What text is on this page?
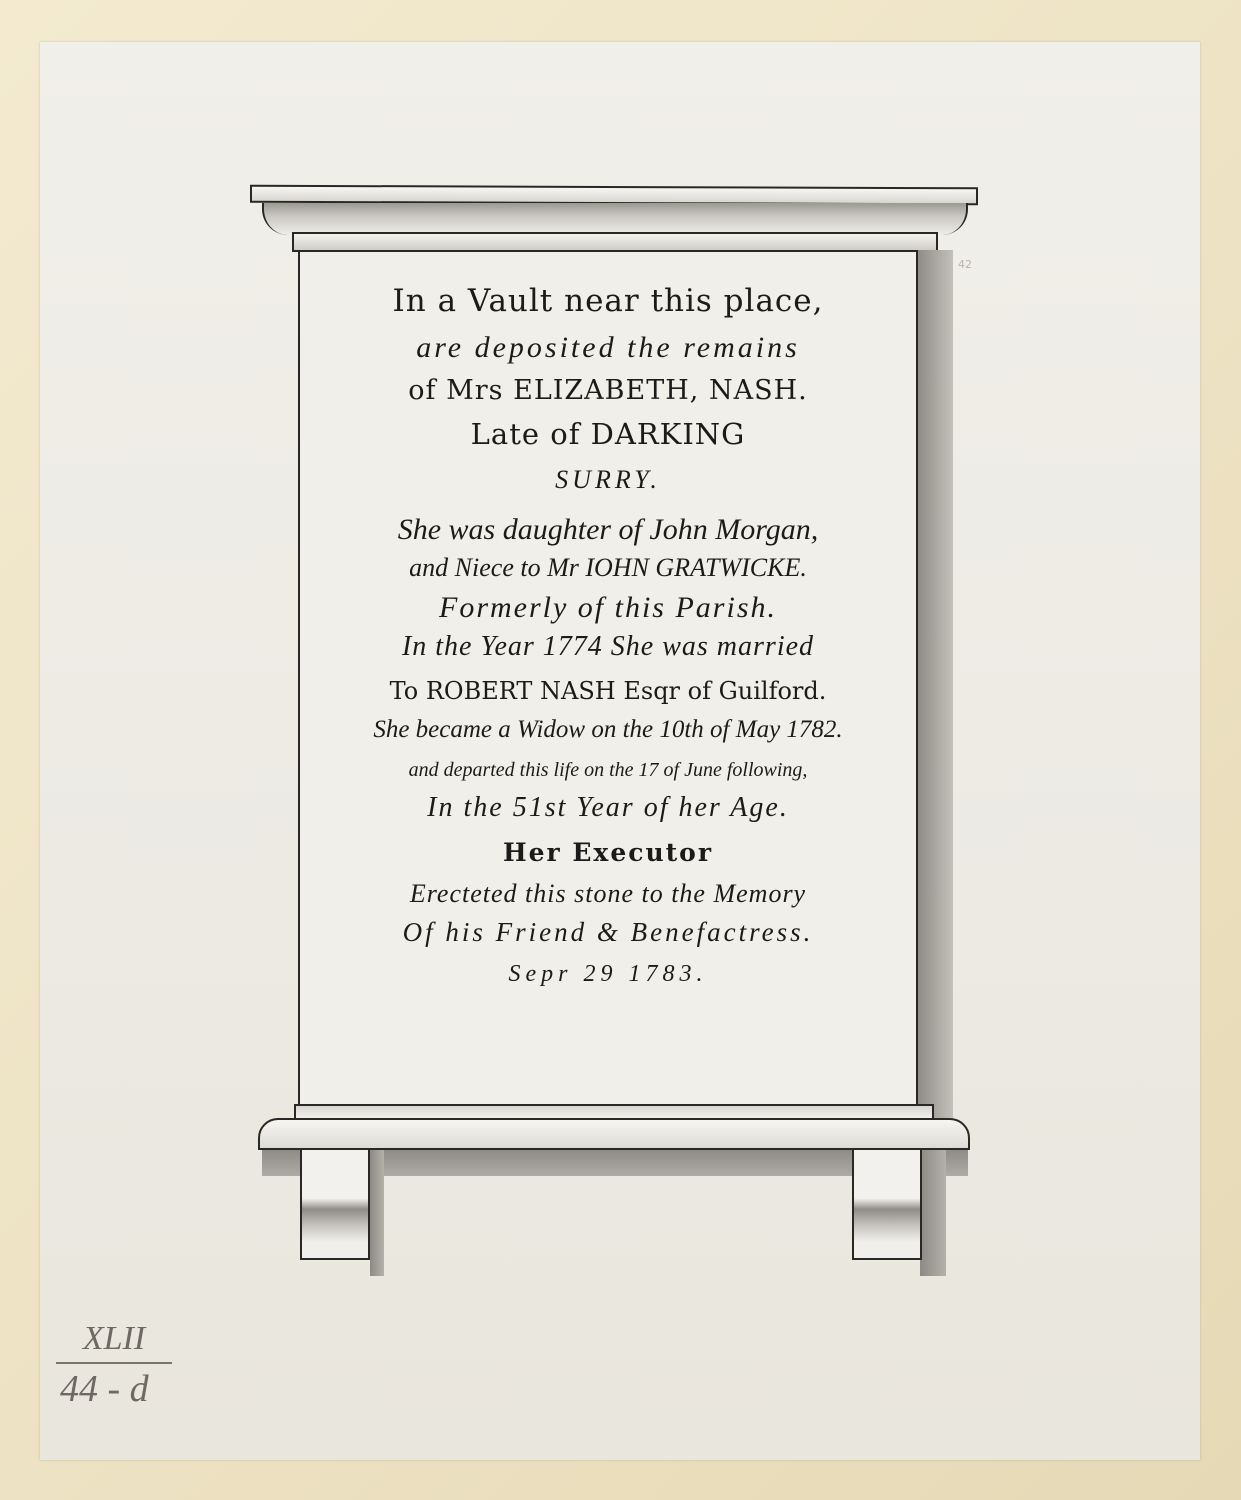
In a Vault near this place,
are deposited the remains
of Mrs ELIZABETH, NASH.
Late of DARKING
SURRY.
She was daughter of John Morgan,
and Niece to Mr IOHN GRATWICKE.
Formerly of this Parish.
In the Year 1774 She was married
To ROBERT NASH Esqr of Guilford.
She became a Widow on the 10th of May 1782.
and departed this life on the 17 of June following,
In the 51st Year of her Age.
Her Executor
Erecteted this stone to the Memory
Of his Friend & Benefactress.
Sepr 29 1783.
42
XLII
44 - d
